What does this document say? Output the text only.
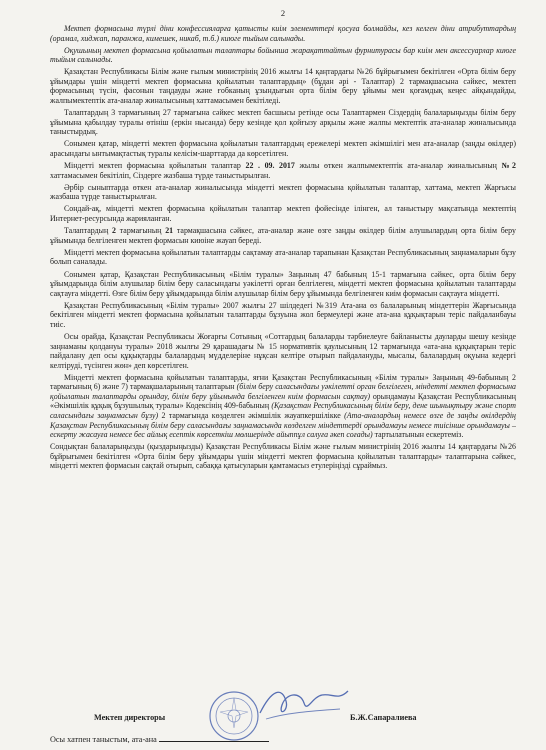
2

Мектеп формасына түрлі діни конфессияларға қатысты киім элементтері қосуға болмайды, кез келген діни атрибуттардың (орамал, хиджап, паранжа, кимешек, никаб, т.б.) киюге тыйым салынады.

Оқушының мектеп формасына қойылатын талаптары бойынша жарақаттайтын фурнитурасы бар киім мен аксессуарлар киюге тыйым салынады.

Қазақстан Республикасы Білім және ғылым министрінің 2016 жылғы 14 қаңтардағы №26 бұйрығымен бекітілген «Орта білім беру ұйымдары үшін міндетті мектеп формасына қойылатын талаптардың» (бұдан әрі - Талаптар) 2 тармақшасына сәйкес, мектеп формасының түсін, фасонын таңдауды және ғобканың ұзындығын орта білім беру ұйымы мен қоғамдық кеңес айқындайды, жалпымектептік ата-аналар жиналысының хаттамасымен бекітіледі.

Талаптардың 3 тармағының 27 тармағына сәйкес мектеп басшысы ретінде осы Талаптармен Сіздердің балаларыңызды білім беру ұйымына қабылдау туралы өтініш (еркін нысанда) беру кезінде қол қойғызу арқылы және жалпы мектептік ата-аналар жиналысында таныстырдық.

Сонымен қатар, міндетті мектеп формасына қойылатын талаптардың ережелері мектеп әкімшілігі мен ата-аналар (заңды өкілдер) арасындағы ынтымақтастық туралы келісім-шарттарда да көрсетілген.

Міндетті мектеп формасына қойылатын талаптар 22 . 09. 2017 жылы өткен жалпымектептік ата-аналар жиналысының №2 хаттамасымен бекітіліп, Сіздерге жазбаша түрде таныстырылған.

Әрбір сыныптарда өткен ата-аналар жиналысында міндетті мектеп формасына қойылатын талаптар, хаттама, мектеп Жарғысы жазбаша түрде таныстырылған.

Сондай-ақ, міндетті мектеп формасына қойылатын талаптар мектеп фойесінде ілінген, ал таныстыру мақсатында мектептің Интернет-ресурсында жарияланған.

Талаптардың 2 тармағының 21 тармақшасына сәйкес, ата-аналар және өзге заңды өкілдер білім алушылардың орта білім беру ұйымында белгіленген мектеп формасын киюіне жауап береді.

Міндетті мектеп формасына қойылатын талаптарды сақтамау ата-аналар тарапынан Қазақстан Республикасының заңнамаларын бұзу болып саналады.

Сонымен қатар, Қазақстан Республикасының «Білім туралы» Заңының 47 бабының 15-1 тармағына сәйкес, орта білім беру ұйымдарында білім алушылар білім беру саласындағы уәкілетті орган белгілеген, міндетті мектеп формасына қойылатын талаптарды сақтауға міндетті. Өзге білім беру ұйымдарында білім алушылар білім беру ұйымында белгіленген киім формасын сақтауға міндетті.

Қазақстан Республикасының «Білім туралы» 2007 жылғы 27 шілдедегі №319 Ата-ана өз балаларының міндеттерін Жарғысында бекітілген міндетті мектеп формасына қойылатын талаптарды бұзуына жол бермеулері және ата-ана құқықтарын теріс пайдаланбауы тиіс.

Осы орайда, Қазақстан Республикасы Жоғарғы Сотының «Соттардың балаларды тәрбиелеуге байланысты дауларды шешу кезінде заңнаманы қолдануы туралы» 2018 жылғы 29 қарашадағы № 15 нормативтік қаулысының 12 тармағында «ата-ана құқықтарын теріс пайдалану деп осы құқықтарды балалардың мүдделеріне нұқсан келтіре отырып пайдалануды, мысалы, балалардың оқуына кедергі келтіруді, түсінген жөн» деп көрсетілген.

Міндетті мектеп формасына қойылатын талаптарды, яғни Қазақстан Республикасының «Білім туралы» Заңының 49-бабының 2 тармағының 6) және 7) тармақшаларының талаптарын (білім беру саласындағы уәкілетті орган белгілеген, міндетті мектеп формасына қойылатын талаптарды орындау, білім беру ұйымында белгіленген киім формасын сақтау) орындамауы Қазақстан Республикасының «Әкімшілік құқық бұзушылық туралы» Кодексінің 409-бабының (Қазақстан Республикасының білім беру, дене шынықтыру және спорт саласындағы заңнамасын бұзу) 2 тармағында көзделген әкімшілік жауапкершілікке (Ата-аналардың немесе өзге де заңды өкілдердің Қазақстан Республикасының білім беру саласындағы заңнамасында көзделген міндеттерді орындамауы немесе тиісінше орындамауы – ескерту жасауға немесе бес айлық есептік көрсеткіш мөлшерінде айыппұл салуға әкеп соғады) тартылатынын ескертеміз.

Сондықтан балаларыңызды (қыздарыңызды) Қазақстан Республикасы Білім және ғылым министрінің 2016 жылғы 14 қаңтардағы №26 бұйрығымен бекітілген «Орта білім беру ұйымдары үшін міндетті мектеп формасына қойылатын талаптарды» талаптарына сәйкес, міндетті мектеп формасын сақтай отырып, сабаққа қатысуларын қамтамасыз етулеріңізді сұраймыз.

Мектеп директоры	Б.Ж.Сапаралиева
Осы хатпен таныстым, ата-ана
